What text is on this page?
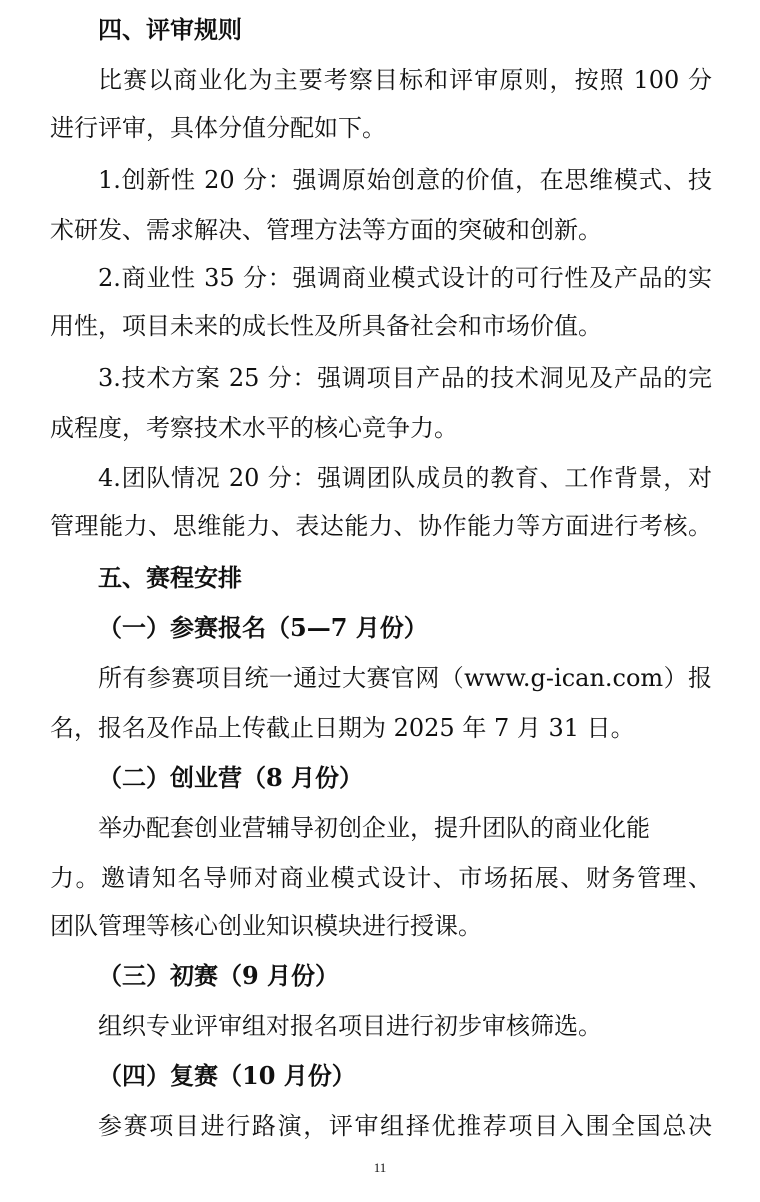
四、评审规则
比赛以商业化为主要考察目标和评审原则，按照 100 分
进行评审，具体分值分配如下。
1.创新性 20 分：强调原始创意的价值，在思维模式、技
术研发、需求解决、管理方法等方面的突破和创新。
2.商业性 35 分：强调商业模式设计的可行性及产品的实
用性，项目未来的成长性及所具备社会和市场价值。
3.技术方案 25 分：强调项目产品的技术洞见及产品的完
成程度，考察技术水平的核心竞争力。
4.团队情况 20 分：强调团队成员的教育、工作背景，对
管理能力、思维能力、表达能力、协作能力等方面进行考核。
五、赛程安排
（一）参赛报名（5—7 月份）
所有参赛项目统一通过大赛官网（www.g-ican.com）报
名，报名及作品上传截止日期为 2025 年 7 月 31 日。
（二）创业营（8 月份）
举办配套创业营辅导初创企业，提升团队的商业化能
力。邀请知名导师对商业模式设计、市场拓展、财务管理、
团队管理等核心创业知识模块进行授课。
（三）初赛（9 月份）
组织专业评审组对报名项目进行初步审核筛选。
（四）复赛（10 月份）
参赛项目进行路演，评审组择优推荐项目入围全国总决
11
